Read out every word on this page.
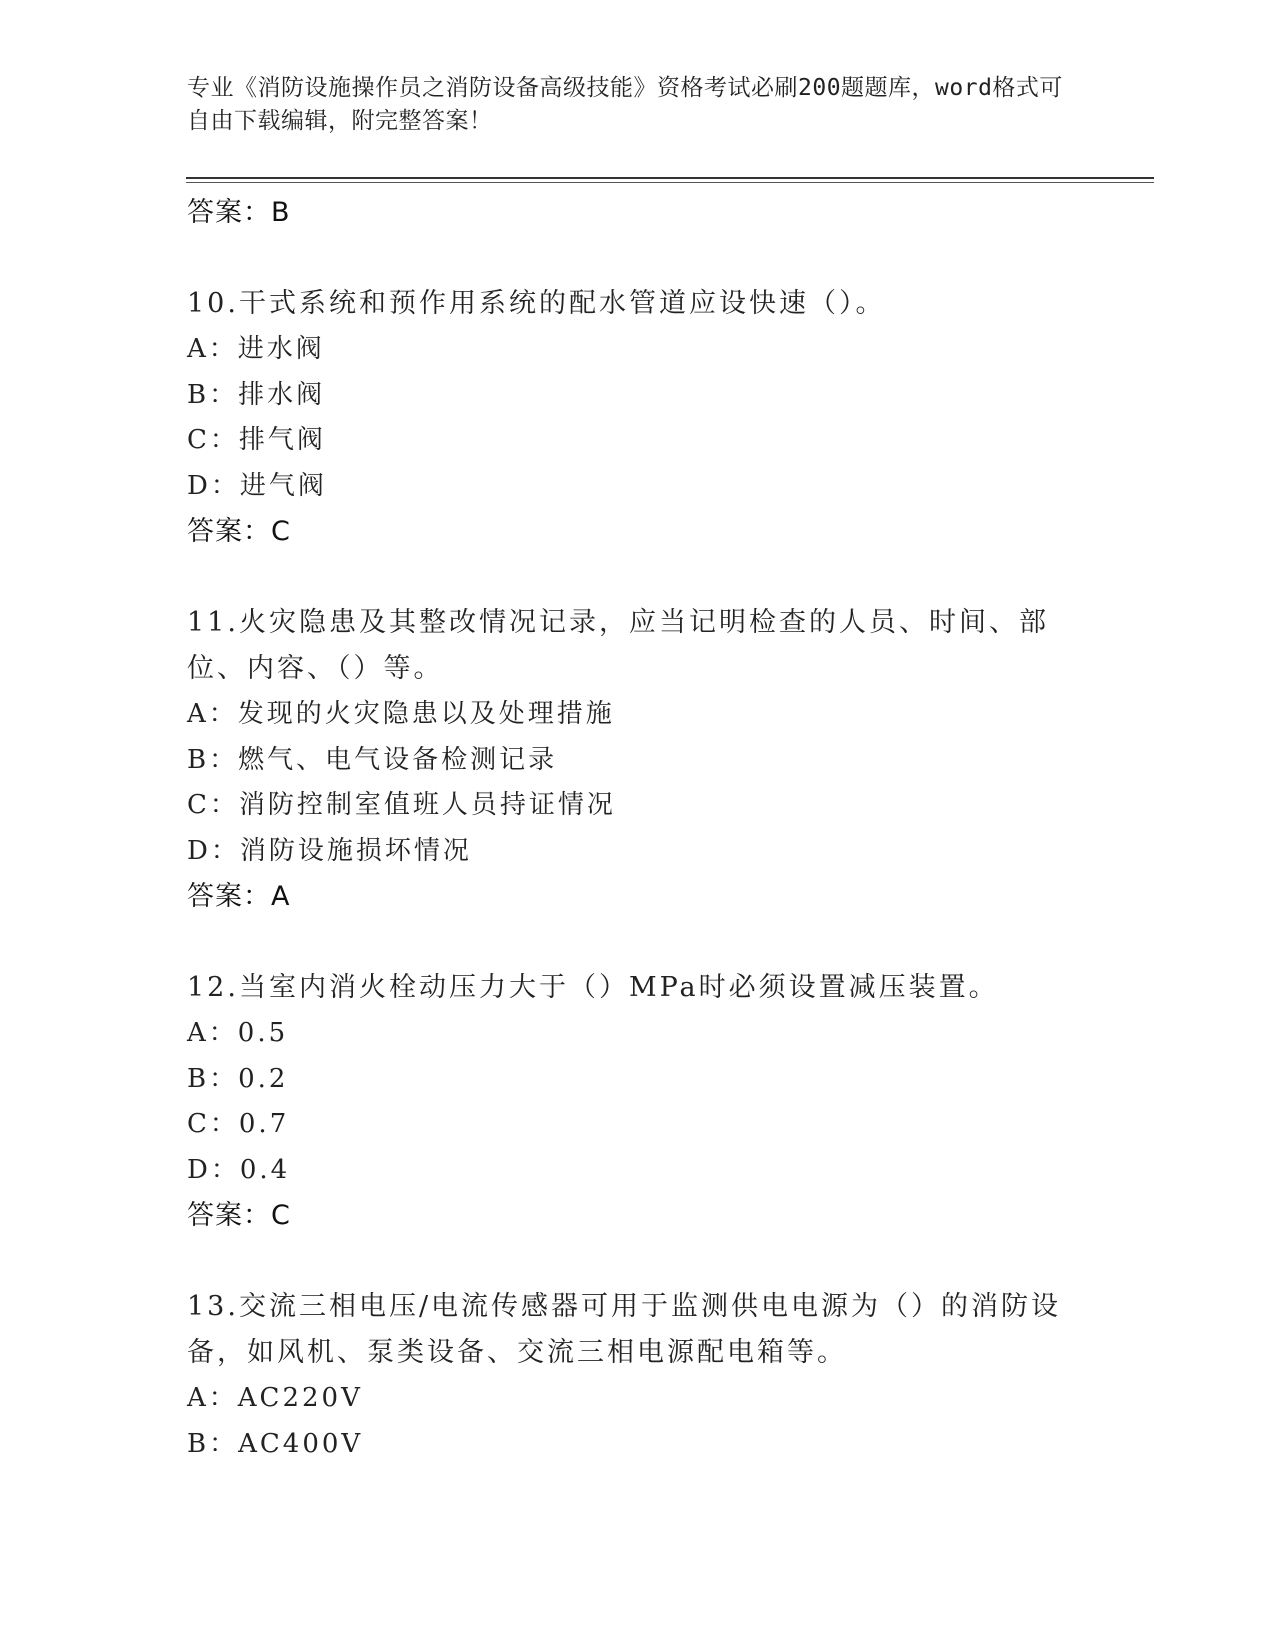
专业《消防设施操作员之消防设备高级技能》资格考试必刷200题题库，word格式可自由下载编辑，附完整答案！
答案：B
10.干式系统和预作用系统的配水管道应设快速（）。
A：进水阀
B：排水阀
C：排气阀
D：进气阀
答案：C
11.火灾隐患及其整改情况记录，应当记明检查的人员、时间、部位、内容、（）等。
A：发现的火灾隐患以及处理措施
B：燃气、电气设备检测记录
C：消防控制室值班人员持证情况
D：消防设施损坏情况
答案：A
12.当室内消火栓动压力大于（）MPa时必须设置减压装置。
A：0.5
B：0.2
C：0.7
D：0.4
答案：C
13.交流三相电压/电流传感器可用于监测供电电源为（）的消防设备，如风机、泵类设备、交流三相电源配电箱等。
A：AC220V
B：AC400V
